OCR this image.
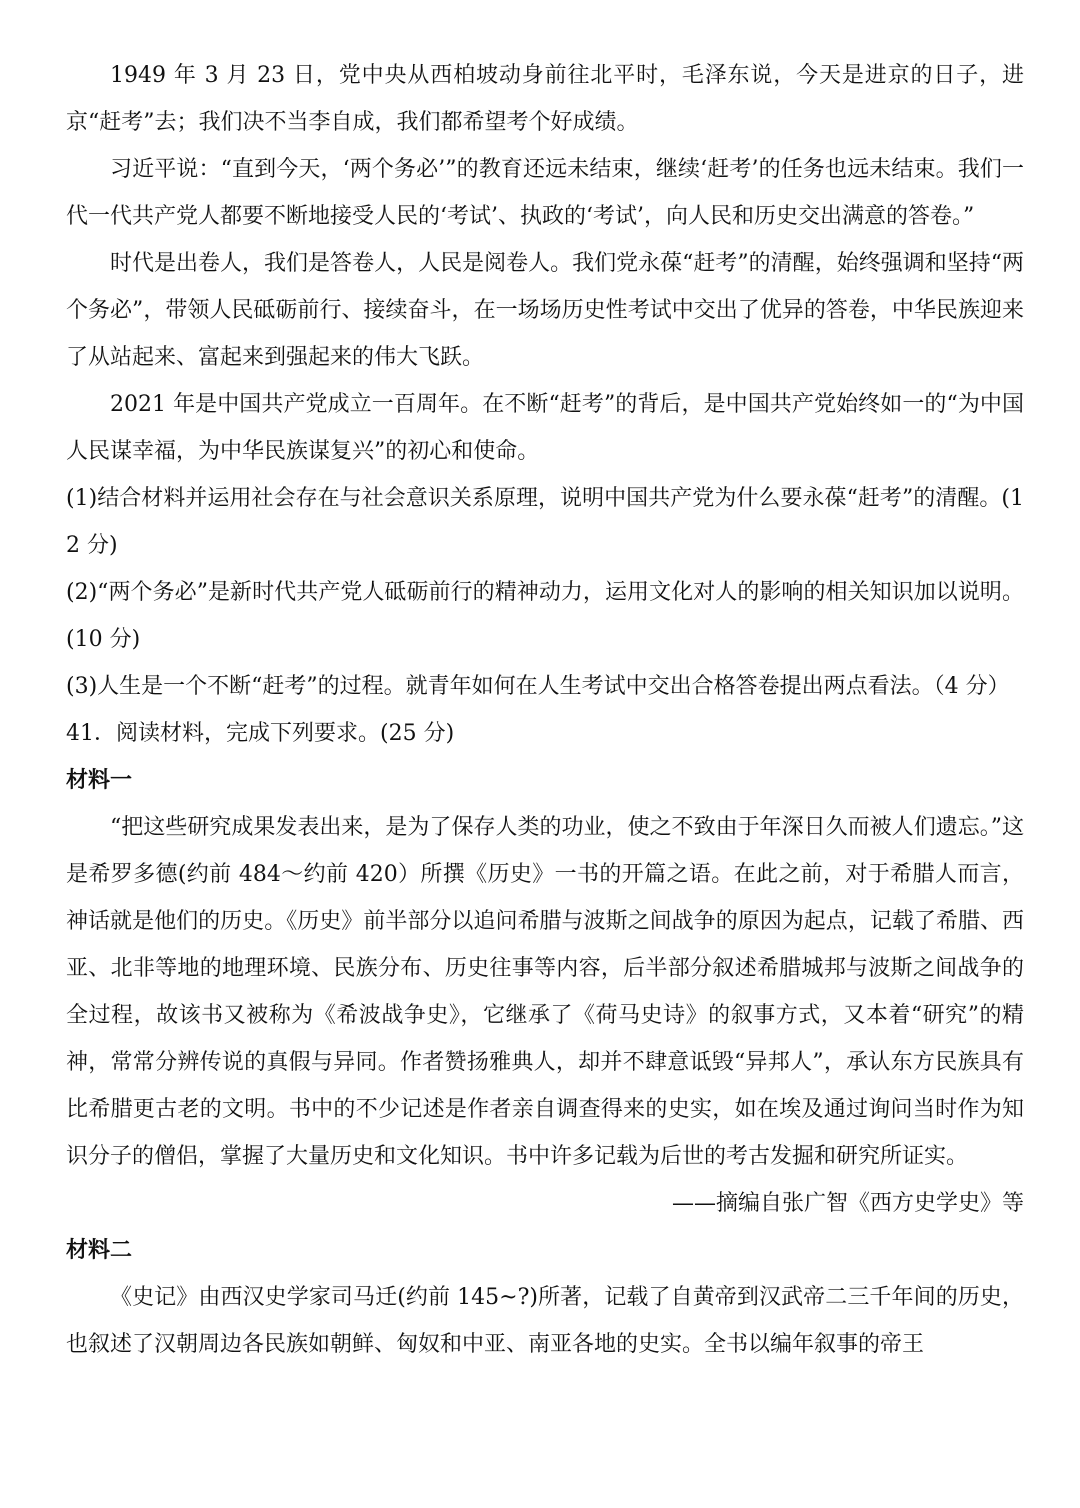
1949 年 3 月 23 日，党中央从西柏坡动身前往北平时，毛泽东说，今天是进京的日子，进京“赶考”去；我们决不当李自成，我们都希望考个好成绩。

习近平说：“直到今天，‘两个务必’”的教育还远未结束，继续‘赶考’的任务也远未结束。我们一代一代共产党人都要不断地接受人民的‘考试’、执政的‘考试’，向人民和历史交出满意的答卷。”

时代是出卷人，我们是答卷人，人民是阅卷人。我们党永葆“赶考”的清醒，始终强调和坚持“两个务必”，带领人民砥砺前行、接续奋斗，在一场场历史性考试中交出了优异的答卷，中华民族迎来了从站起来、富起来到强起来的伟大飞跃。

2021 年是中国共产党成立一百周年。在不断“赶考”的背后，是中国共产党始终如一的“为中国人民谋幸福，为中华民族谋复兴”的初心和使命。

(1)结合材料并运用社会存在与社会意识关系原理，说明中国共产党为什么要永葆“赶考”的清醒。(12 分)

(2)“两个务必”是新时代共产党人砥砺前行的精神动力，运用文化对人的影响的相关知识加以说明。(10 分)

(3)人生是一个不断“赶考”的过程。就青年如何在人生考试中交出合格答卷提出两点看法。（4 分）

41．阅读材料，完成下列要求。(25 分)

材料一

“把这些研究成果发表出来，是为了保存人类的功业，使之不致由于年深日久而被人们遗忘。”这是希罗多德(约前 484～约前 420）所撰《历史》一书的开篇之语。在此之前，对于希腊人而言，神话就是他们的历史。《历史》前半部分以追问希腊与波斯之间战争的原因为起点，记载了希腊、西亚、北非等地的地理环境、民族分布、历史往事等内容，后半部分叙述希腊城邦与波斯之间战争的全过程，故该书又被称为《希波战争史》，它继承了《荷马史诗》的叙事方式，又本着“研究”的精神，常常分辨传说的真假与异同。作者赞扬雅典人，却并不肆意诋毁“异邦人”，承认东方民族具有比希腊更古老的文明。书中的不少记述是作者亲自调查得来的史实，如在埃及通过询问当时作为知识分子的僧侣，掌握了大量历史和文化知识。书中许多记载为后世的考古发掘和研究所证实。

——摘编自张广智《西方史学史》等

材料二

《史记》由西汉史学家司马迁(约前 145~?)所著，记载了自黄帝到汉武帝二三千年间的历史，也叙述了汉朝周边各民族如朝鲜、匈奴和中亚、南亚各地的史实。全书以编年叙事的帝王
